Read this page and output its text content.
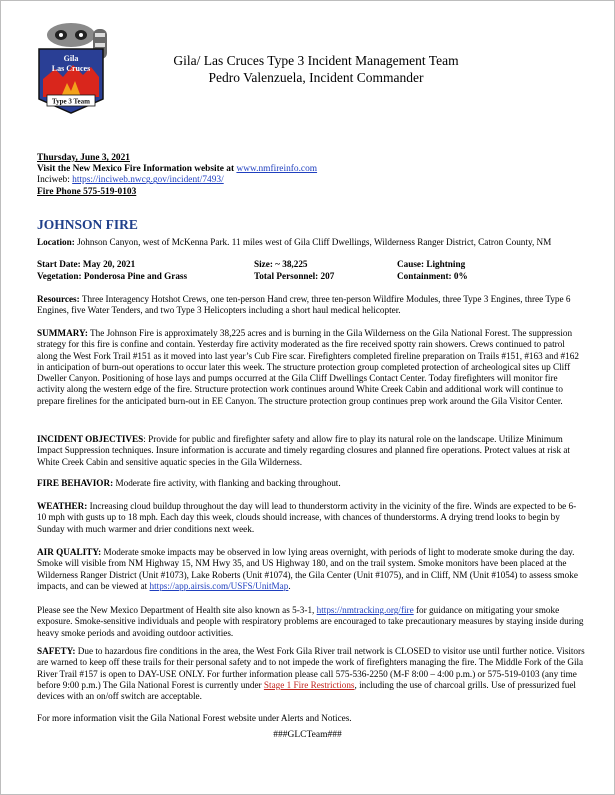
Gila
Las Cruces
Type 3 Team
Gila/ Las Cruces Type 3 Incident Management Team
Pedro Valenzuela, Incident Commander
Thursday, June 3, 2021
Visit the New Mexico Fire Information website at www.nmfireinfo.com
Inciweb: https://inciweb.nwcg.gov/incident/7493/
Fire Phone 575-519-0103
JOHNSON FIRE
Location: Johnson Canyon, west of McKenna Park. 11 miles west of Gila Cliff Dwellings, Wilderness Ranger District, Catron County, NM
Start Date: May 20, 2021	Size: ~ 38,225	Cause: Lightning
Vegetation: Ponderosa Pine and Grass	Total Personnel: 207	Containment: 0%
Resources: Three Interagency Hotshot Crews, one ten-person Hand crew, three ten-person Wildfire Modules, three Type 3 Engines, three Type 6 Engines, five Water Tenders, and two Type 3 Helicopters including a short haul medical helicopter.
SUMMARY: The Johnson Fire is approximately 38,225 acres and is burning in the Gila Wilderness on the Gila National Forest. The suppression strategy for this fire is confine and contain. Yesterday fire activity moderated as the fire received spotty rain showers. Crews continued to patrol along the West Fork Trail #151 as it moved into last year’s Cub Fire scar. Firefighters completed fireline preparation on Trails #151, #163 and #162 in anticipation of burn-out operations to occur later this week. The structure protection group completed protection of archeological sites up Cliff Dweller Canyon. Positioning of hose lays and pumps occurred at the Gila Cliff Dwellings Contact Center. Today firefighters will monitor fire activity along the western edge of the fire. Structure protection work continues around White Creek Cabin and additional work will continue to prepare firelines for the anticipated burn-out in EE Canyon. The structure protection group continues prep work around the Gila Visitor Center.
INCIDENT OBJECTIVES: Provide for public and firefighter safety and allow fire to play its natural role on the landscape. Utilize Minimum Impact Suppression techniques. Insure information is accurate and timely regarding closures and planned fire operations. Protect values at risk at White Creek Cabin and sensitive aquatic species in the Gila Wilderness.
FIRE BEHAVIOR: Moderate fire activity, with flanking and backing throughout.
WEATHER: Increasing cloud buildup throughout the day will lead to thunderstorm activity in the vicinity of the fire. Winds are expected to be 6-10 mph with gusts up to 18 mph. Each day this week, clouds should increase, with chances of thunderstorms. A drying trend looks to begin by Sunday with much warmer and drier conditions next week.
AIR QUALITY: Moderate smoke impacts may be observed in low lying areas overnight, with periods of light to moderate smoke during the day. Smoke will visible from NM Highway 15, NM Hwy 35, and US Highway 180, and on the trail system. Smoke monitors have been placed at the Wilderness Ranger District (Unit #1073), Lake Roberts (Unit #1074), the Gila Center (Unit #1075), and in Cliff, NM (Unit #1054) to assess smoke impacts, and can be viewed at https://app.airsis.com/USFS/UnitMap.
Please see the New Mexico Department of Health site also known as 5-3-1, https://nmtracking.org/fire for guidance on mitigating your smoke exposure. Smoke-sensitive individuals and people with respiratory problems are encouraged to take precautionary measures by staying inside during heavy smoke periods and avoiding outdoor activities.
SAFETY: Due to hazardous fire conditions in the area, the West Fork Gila River trail network is CLOSED to visitor use until further notice. Visitors are warned to keep off these trails for their personal safety and to not impede the work of firefighters managing the fire. The Middle Fork of the Gila River Trail #157 is open to DAY-USE ONLY. For further information please call 575-536-2250 (M-F 8:00 – 4:00 p.m.) or 575-519-0103 (any time before 9:00 p.m.) The Gila National Forest is currently under Stage 1 Fire Restrictions, including the use of charcoal grills. Use of pressurized fuel devices with an on/off switch are acceptable.
For more information visit the Gila National Forest website under Alerts and Notices.
###GLCTeam###
